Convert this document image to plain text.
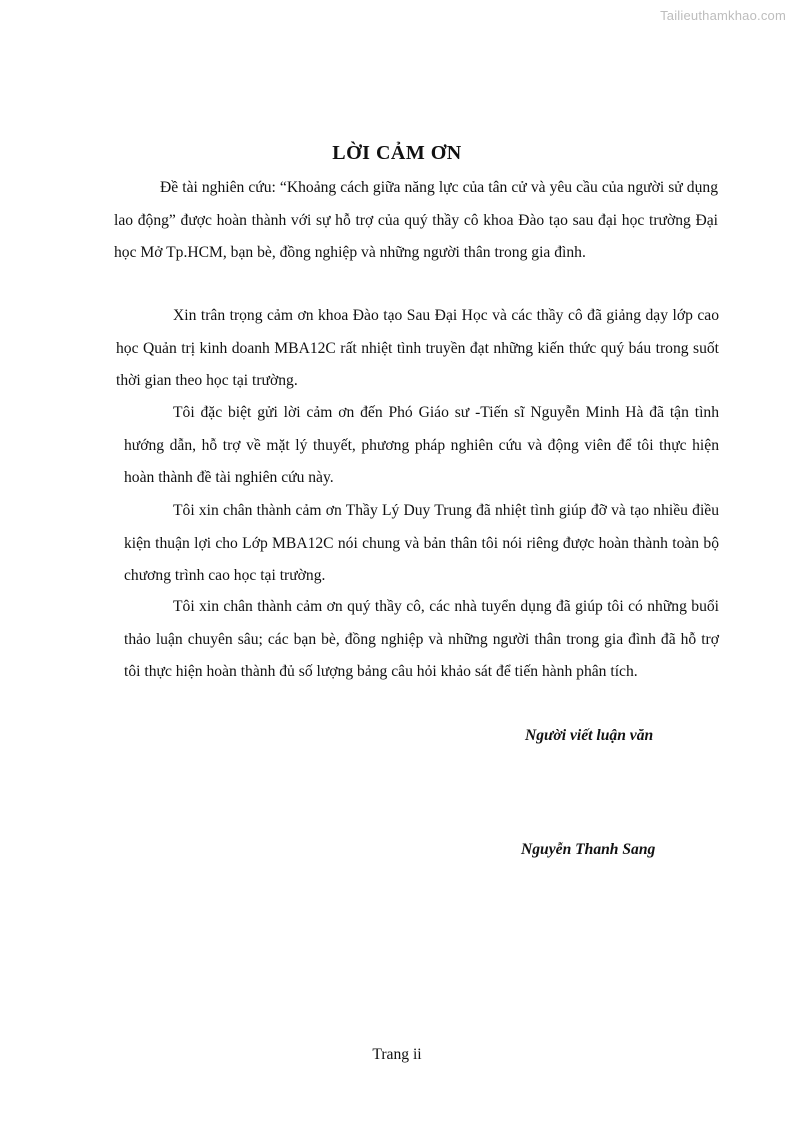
Tailieuthamkhao.com
LỜI CẢM ƠN

Đề tài nghiên cứu: “Khoảng cách giữa năng lực của tân cử và yêu cầu của người sử dụng lao động” được hoàn thành với sự hỗ trợ của quý thầy cô khoa Đào tạo sau đại học trường Đại học Mở Tp.HCM, bạn bè, đồng nghiệp và những người thân trong gia đình.

Xin trân trọng cảm ơn khoa Đào tạo Sau Đại Học và các thầy cô đã giảng dạy lớp cao học Quản trị kinh doanh MBA12C rất nhiệt tình truyền đạt những kiến thức quý báu trong suốt thời gian theo học tại trường.

Tôi đặc biệt gửi lời cảm ơn đến Phó Giáo sư -Tiến sĩ Nguyễn Minh Hà đã tận tình hướng dẫn, hỗ trợ về mặt lý thuyết, phương pháp nghiên cứu và động viên để tôi thực hiện hoàn thành đề tài nghiên cứu này.

Tôi xin chân thành cảm ơn Thầy Lý Duy Trung đã nhiệt tình giúp đỡ và tạo nhiều điều kiện thuận lợi cho Lớp MBA12C nói chung và bản thân tôi nói riêng được hoàn thành toàn bộ chương trình cao học tại trường.

Tôi xin chân thành cảm ơn quý thầy cô, các nhà tuyển dụng đã giúp tôi có những buổi thảo luận chuyên sâu; các bạn bè, đồng nghiệp và những người thân trong gia đình đã hỗ trợ tôi thực hiện hoàn thành đủ số lượng bảng câu hỏi khảo sát để tiến hành phân tích.

Người viết luận văn
Nguyễn Thanh Sang
Trang ii
